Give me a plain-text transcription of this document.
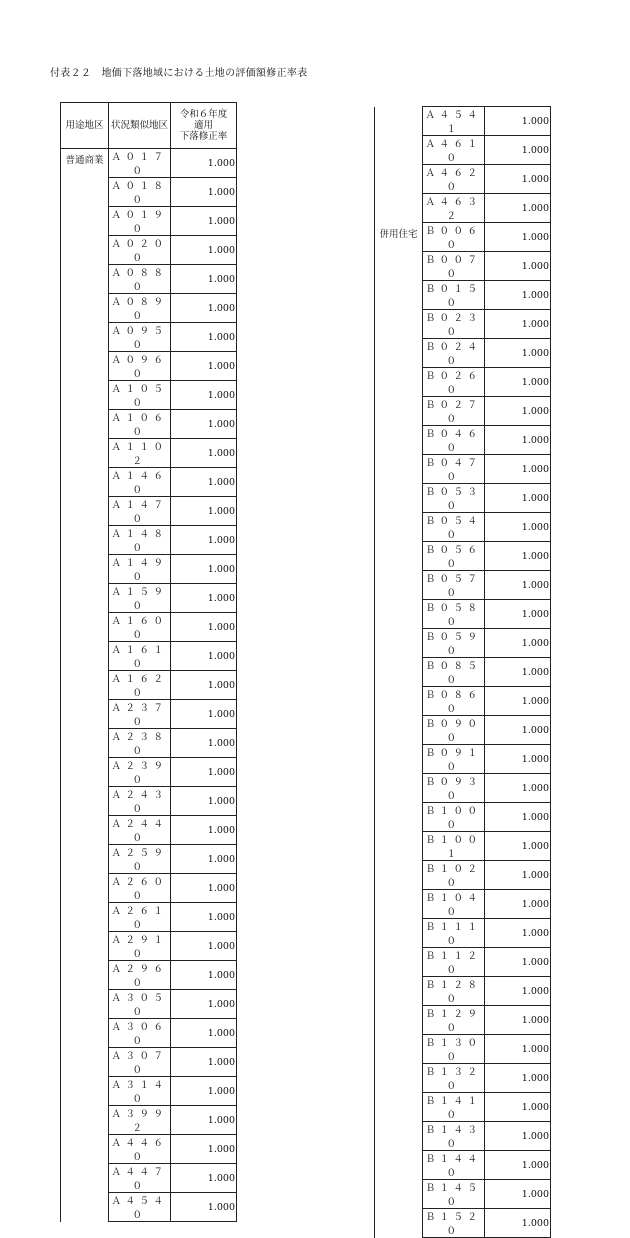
付表２２　地価下落地域における土地の評価額修正率表
用途地区	状況類似地区	令和６年度
適用
下落修正率

普通商業	Ａ０１７０	1.000
	Ａ０１８０	1.000
	Ａ０１９０	1.000
	Ａ０２００	1.000
	Ａ０８８０	1.000
	Ａ０８９０	1.000
	Ａ０９５０	1.000
	Ａ０９６０	1.000
	Ａ１０５０	1.000
	Ａ１０６０	1.000
	Ａ１１０２	1.000
	Ａ１４６０	1.000
	Ａ１４７０	1.000
	Ａ１４８０	1.000
	Ａ１４９０	1.000
	Ａ１５９０	1.000
	Ａ１６００	1.000
	Ａ１６１０	1.000
	Ａ１６２０	1.000
	Ａ２３７０	1.000
	Ａ２３８０	1.000
	Ａ２３９０	1.000
	Ａ２４３０	1.000
	Ａ２４４０	1.000
	Ａ２５９０	1.000
	Ａ２６００	1.000
	Ａ２６１０	1.000
	Ａ２９１０	1.000
	Ａ２９６０	1.000
	Ａ３０５０	1.000
	Ａ３０６０	1.000
	Ａ３０７０	1.000
	Ａ３１４０	1.000
	Ａ３９９２	1.000
	Ａ４４６０	1.000
	Ａ４４７０	1.000
	Ａ４５４０	1.000
	Ａ４５４１	1.000
	Ａ４６１０	1.000
	Ａ４６２０	1.000
	Ａ４６３２	1.000
併用住宅	Ｂ００６０	1.000
	Ｂ００７０	1.000
	Ｂ０１５０	1.000
	Ｂ０２３０	1.000
	Ｂ０２４０	1.000
	Ｂ０２６０	1.000
	Ｂ０２７０	1.000
	Ｂ０４６０	1.000
	Ｂ０４７０	1.000
	Ｂ０５３０	1.000
	Ｂ０５４０	1.000
	Ｂ０５６０	1.000
	Ｂ０５７０	1.000
	Ｂ０５８０	1.000
	Ｂ０５９０	1.000
	Ｂ０８５０	1.000
	Ｂ０８６０	1.000
	Ｂ０９００	1.000
	Ｂ０９１０	1.000
	Ｂ０９３０	1.000
	Ｂ１０００	1.000
	Ｂ１００１	1.000
	Ｂ１０２０	1.000
	Ｂ１０４０	1.000
	Ｂ１１１０	1.000
	Ｂ１１２０	1.000
	Ｂ１２８０	1.000
	Ｂ１２９０	1.000
	Ｂ１３００	1.000
	Ｂ１３２０	1.000
	Ｂ１４１０	1.000
	Ｂ１４３０	1.000
	Ｂ１４４０	1.000
	Ｂ１４５０	1.000
	Ｂ１５２０	1.000
